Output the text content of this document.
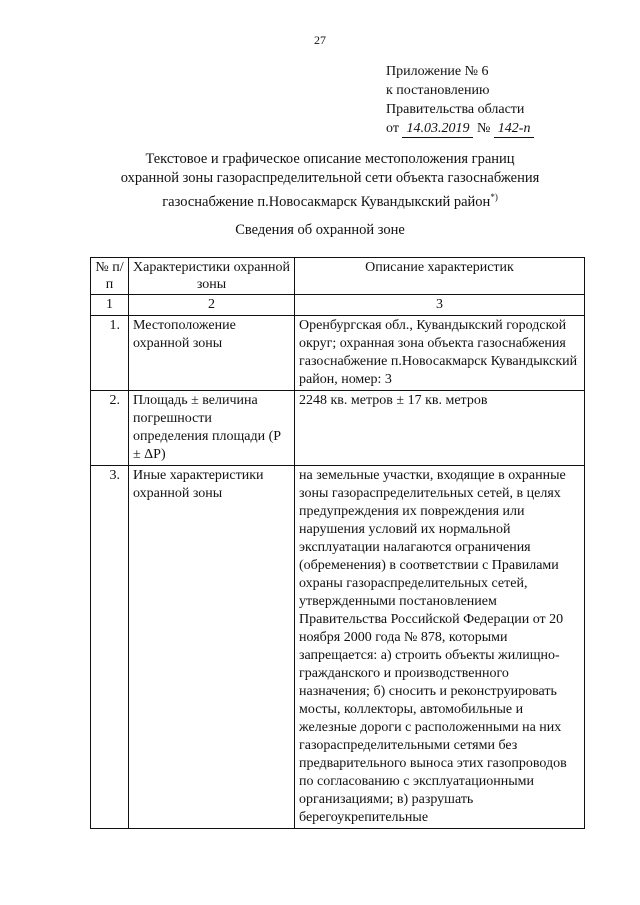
27
Приложение № 6
к постановлению
Правительства области
от 14.03.2019 № 142-п
Текстовое и графическое описание местоположения границ
охранной зоны газораспределительной сети объекта газоснабжения
газоснабжение п.Новосакмарск Кувандыкский район*)
Сведения об охранной зоне
№ п/п	Характеристики охранной зоны	Описание характеристик
1	2	3
1.	Местоположение охранной зоны	Оренбургская обл., Кувандыкский городской округ; охранная зона объекта газоснабжения газоснабжение п.Новосакмарск Кувандыкский район, номер: 3
2.	Площадь ± величина погрешности определения площади (Р ± ΔР)	2248 кв. метров ± 17 кв. метров
3.	Иные характеристики охранной зоны	на земельные участки, входящие в охранные зоны газораспределительных сетей, в целях предупреждения их повреждения или нарушения условий их нормальной эксплуатации налагаются ограничения (обременения) в соответствии с Правилами охраны газораспределительных сетей, утвержденными постановлением Правительства Российской Федерации от 20 ноября 2000 года № 878, которыми запрещается: а) строить объекты жилищно-гражданского и производственного назначения; б) сносить и реконструировать мосты, коллекторы, автомобильные и железные дороги с расположенными на них газораспределительными сетями без предварительного выноса этих газопроводов по согласованию с эксплуатационными организациями; в) разрушать берегоукрепительные
